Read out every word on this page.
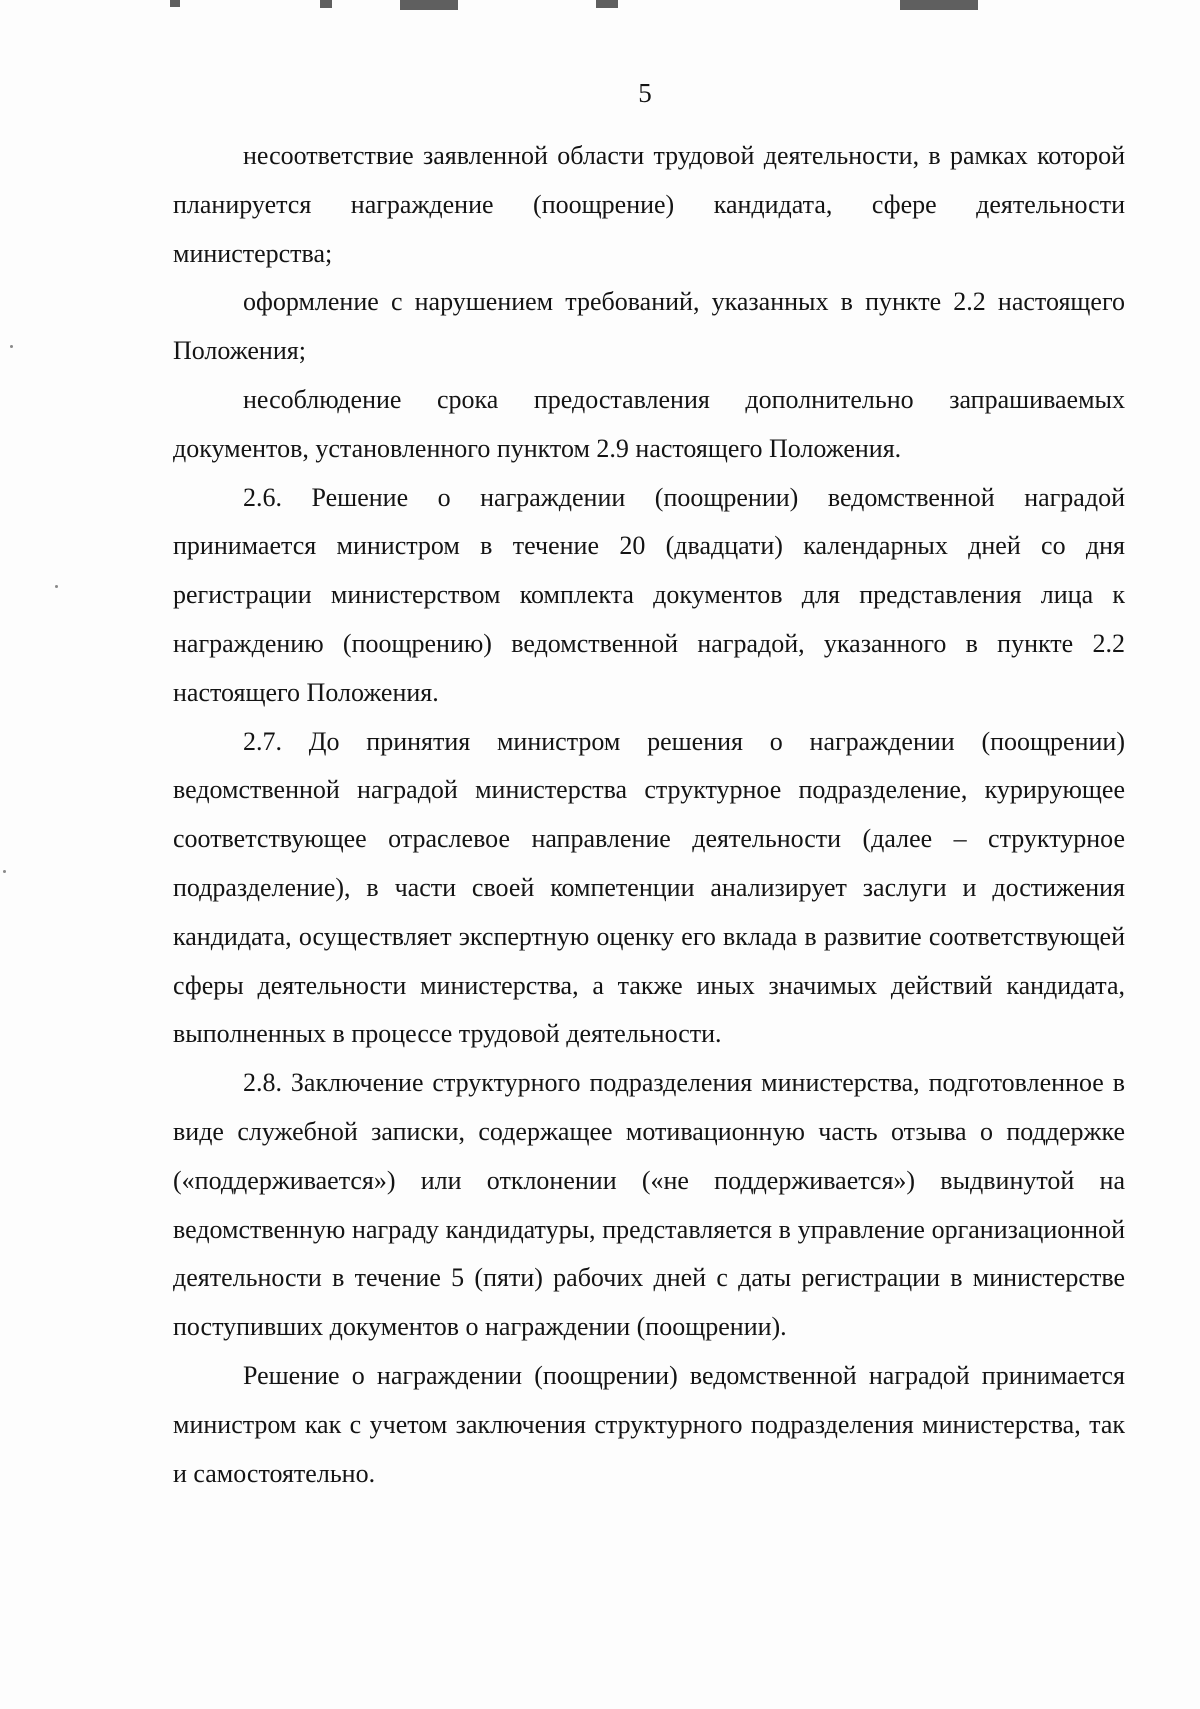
5

несоответствие заявленной области трудовой деятельности, в рамках которой планируется награждение (поощрение) кандидата, сфере деятельности министерства;

оформление с нарушением требований, указанных в пункте 2.2 настоящего Положения;

несоблюдение срока предоставления дополнительно запрашиваемых документов, установленного пунктом 2.9 настоящего Положения.

2.6. Решение о награждении (поощрении) ведомственной наградой принимается министром в течение 20 (двадцати) календарных дней со дня регистрации министерством комплекта документов для представления лица к награждению (поощрению) ведомственной наградой, указанного в пункте 2.2 настоящего Положения.

2.7. До принятия министром решения о награждении (поощрении) ведомственной наградой министерства структурное подразделение, курирующее соответствующее отраслевое направление деятельности (далее – структурное подразделение), в части своей компетенции анализирует заслуги и достижения кандидата, осуществляет экспертную оценку его вклада в развитие соответствующей сферы деятельности министерства, а также иных значимых действий кандидата, выполненных в процессе трудовой деятельности.

2.8. Заключение структурного подразделения министерства, подготовленное в виде служебной записки, содержащее мотивационную часть отзыва о поддержке («поддерживается») или отклонении («не поддерживается») выдвинутой на ведомственную награду кандидатуры, представляется в управление организационной деятельности в течение 5 (пяти) рабочих дней с даты регистрации в министерстве поступивших документов о награждении (поощрении).

Решение о награждении (поощрении) ведомственной наградой принимается министром как с учетом заключения структурного подразделения министерства, так и самостоятельно.
